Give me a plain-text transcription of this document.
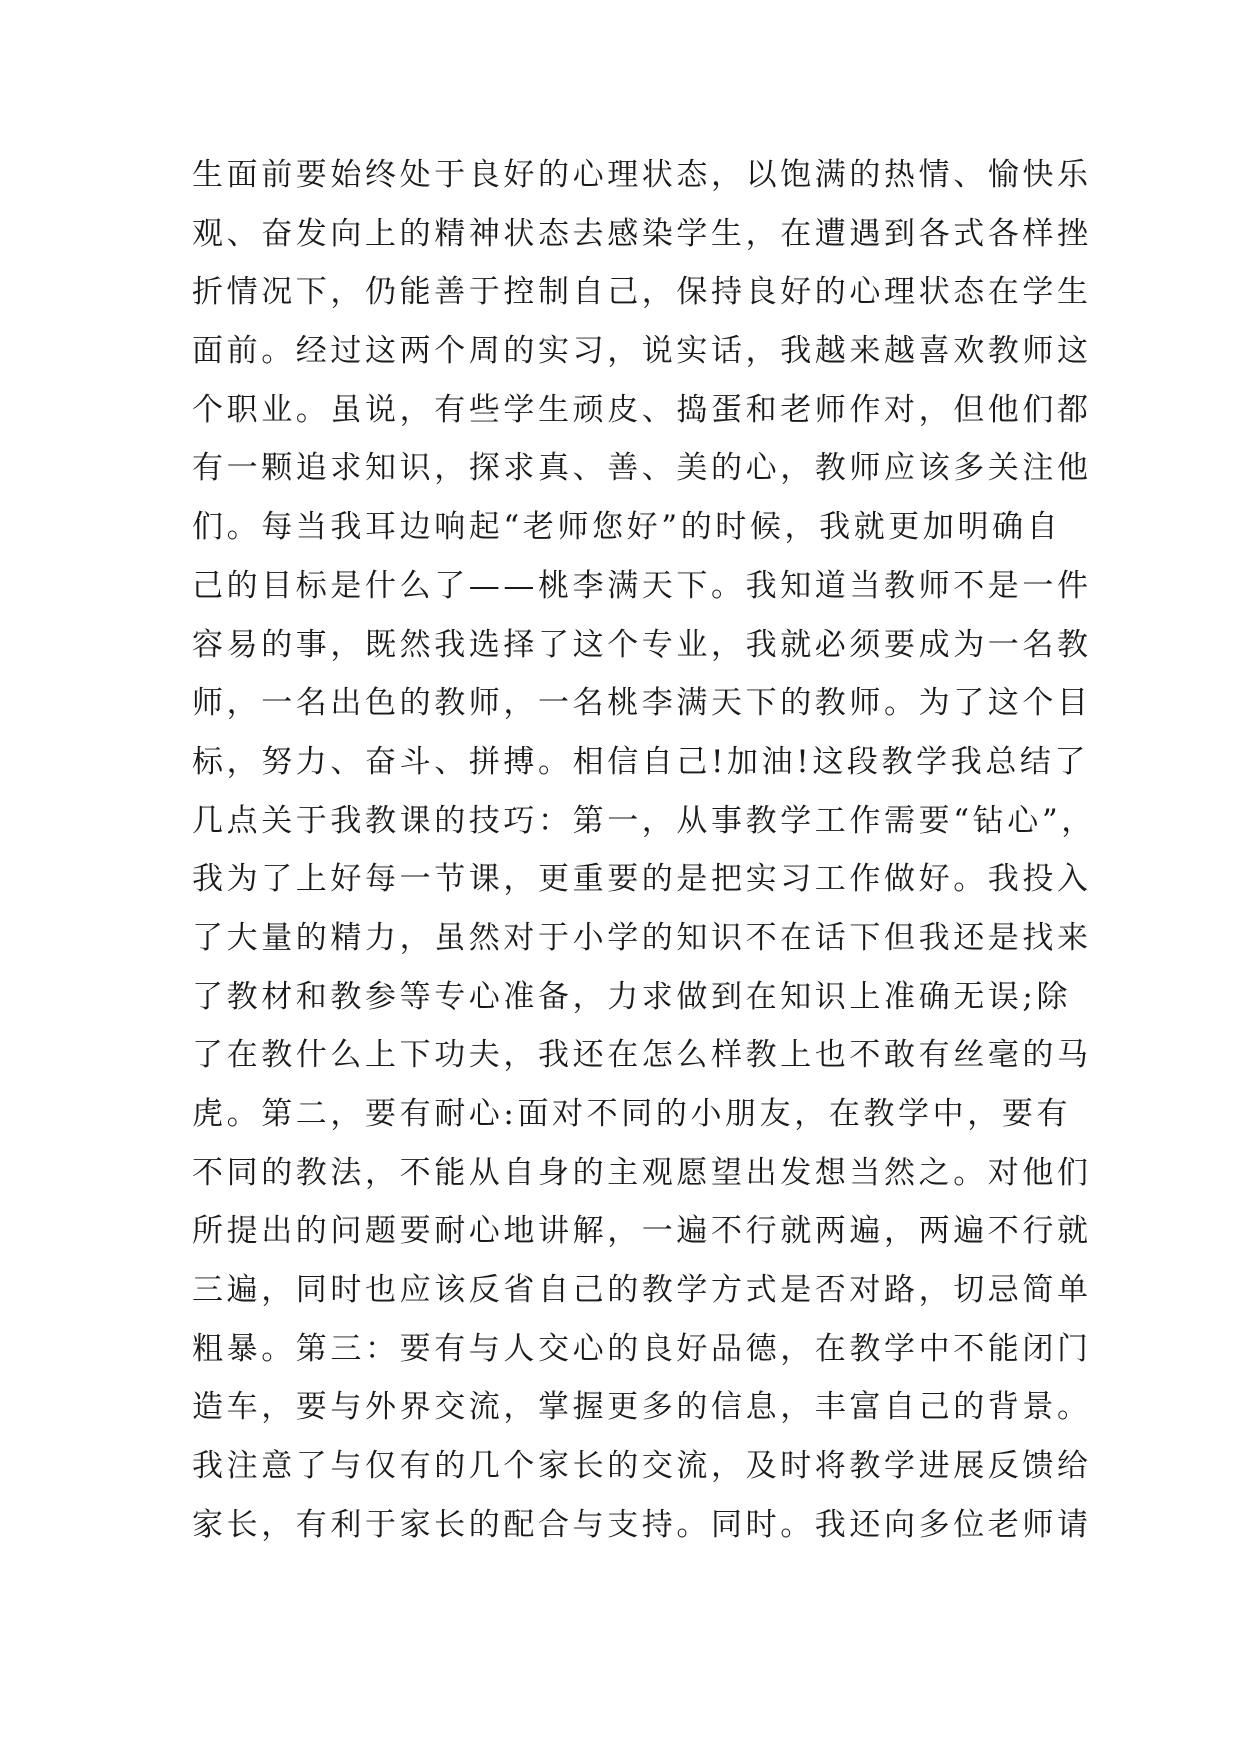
生面前要始终处于良好的心理状态，以饱满的热情、愉快乐
观、奋发向上的精神状态去感染学生，在遭遇到各式各样挫
折情况下，仍能善于控制自己，保持良好的心理状态在学生
面前。经过这两个周的实习，说实话，我越来越喜欢教师这
个职业。虽说，有些学生顽皮、捣蛋和老师作对，但他们都
有一颗追求知识，探求真、善、美的心，教师应该多关注他
们。每当我耳边响起“老师您好”的时候，我就更加明确自
己的目标是什么了——桃李满天下。我知道当教师不是一件
容易的事，既然我选择了这个专业，我就必须要成为一名教
师，一名出色的教师，一名桃李满天下的教师。为了这个目
标，努力、奋斗、拼搏。相信自己!加油!这段教学我总结了
几点关于我教课的技巧：第一，从事教学工作需要“钻心”，
我为了上好每一节课，更重要的是把实习工作做好。我投入
了大量的精力，虽然对于小学的知识不在话下但我还是找来
了教材和教参等专心准备，力求做到在知识上准确无误;除
了在教什么上下功夫，我还在怎么样教上也不敢有丝毫的马
虎。第二，要有耐心:面对不同的小朋友，在教学中，要有
不同的教法，不能从自身的主观愿望出发想当然之。对他们
所提出的问题要耐心地讲解，一遍不行就两遍，两遍不行就
三遍，同时也应该反省自己的教学方式是否对路，切忌简单
粗暴。第三：要有与人交心的良好品德，在教学中不能闭门
造车，要与外界交流，掌握更多的信息，丰富自己的背景。
我注意了与仅有的几个家长的交流，及时将教学进展反馈给
家长，有利于家长的配合与支持。同时。我还向多位老师请
